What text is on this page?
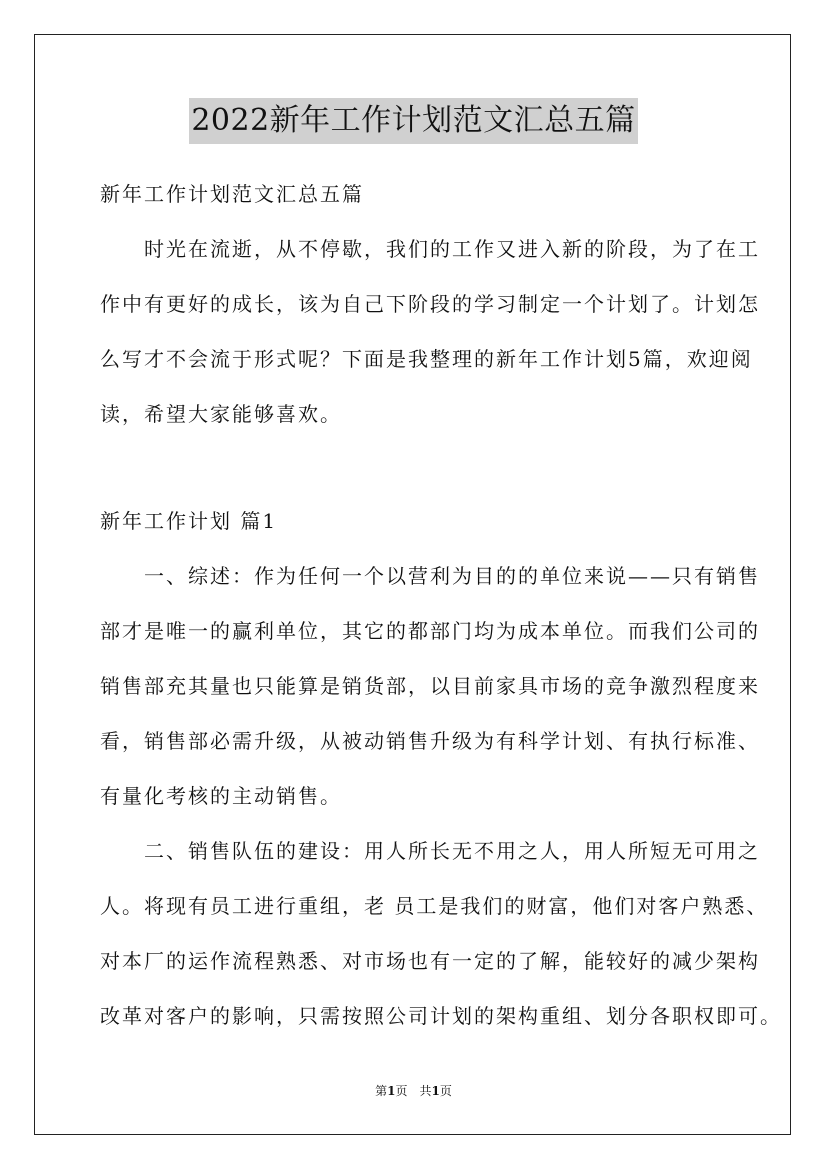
2022新年工作计划范文汇总五篇
新年工作计划范文汇总五篇
　　时光在流逝，从不停歇，我们的工作又进入新的阶段，为了在工
作中有更好的成长，该为自己下阶段的学习制定一个计划了。计划怎
么写才不会流于形式呢？下面是我整理的新年工作计划5篇，欢迎阅
读，希望大家能够喜欢。
新年工作计划 篇1
　　一、综述：作为任何一个以营利为目的的单位来说——只有销售
部才是唯一的赢利单位，其它的都部门均为成本单位。而我们公司的
销售部充其量也只能算是销货部，以目前家具市场的竞争激烈程度来
看，销售部必需升级，从被动销售升级为有科学计划、有执行标准、
有量化考核的主动销售。
　　二、销售队伍的建设：用人所长无不用之人，用人所短无可用之
人。将现有员工进行重组，老 员工是我们的财富，他们对客户熟悉、
对本厂的运作流程熟悉、对市场也有一定的了解，能较好的减少架构
改革对客户的影响，只需按照公司计划的架构重组、划分各职权即可。
第1页　共1页
